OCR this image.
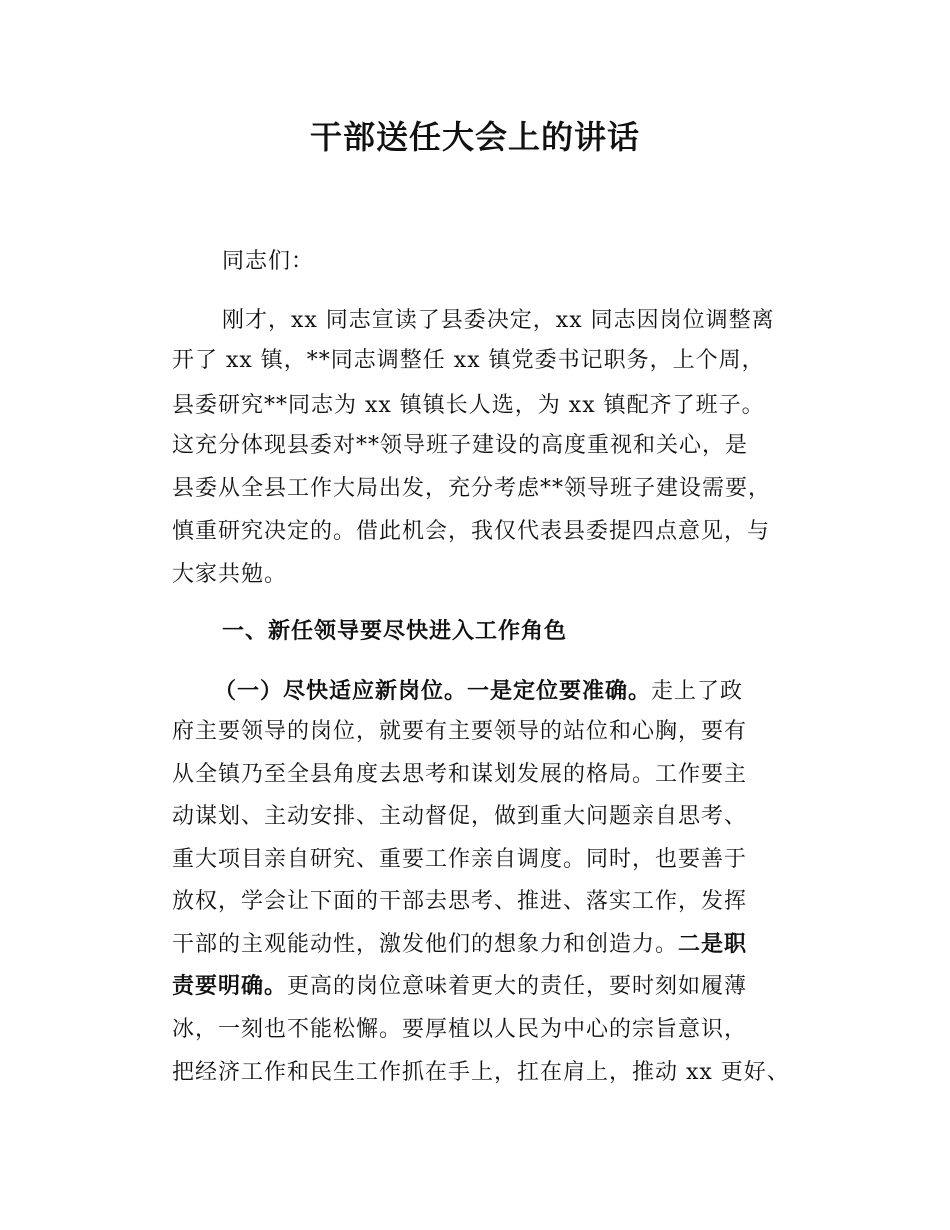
干部送任大会上的讲话

同志们：

刚才，xx 同志宣读了县委决定，xx 同志因岗位调整离

开了 xx 镇，**同志调整任 xx 镇党委书记职务，上个周，

县委研究**同志为 xx 镇镇长人选，为 xx 镇配齐了班子。

这充分体现县委对**领导班子建设的高度重视和关心，是

县委从全县工作大局出发，充分考虑**领导班子建设需要，

慎重研究决定的。借此机会，我仅代表县委提四点意见，与

大家共勉。

一、新任领导要尽快进入工作角色

（一）尽快适应新岗位。一是定位要准确。走上了政

府主要领导的岗位，就要有主要领导的站位和心胸，要有

从全镇乃至全县角度去思考和谋划发展的格局。工作要主

动谋划、主动安排、主动督促，做到重大问题亲自思考、

重大项目亲自研究、重要工作亲自调度。同时，也要善于

放权，学会让下面的干部去思考、推进、落实工作，发挥

干部的主观能动性，激发他们的想象力和创造力。二是职

责要明确。更高的岗位意味着更大的责任，要时刻如履薄

冰，一刻也不能松懈。要厚植以人民为中心的宗旨意识，

把经济工作和民生工作抓在手上，扛在肩上，推动 xx 更好、
